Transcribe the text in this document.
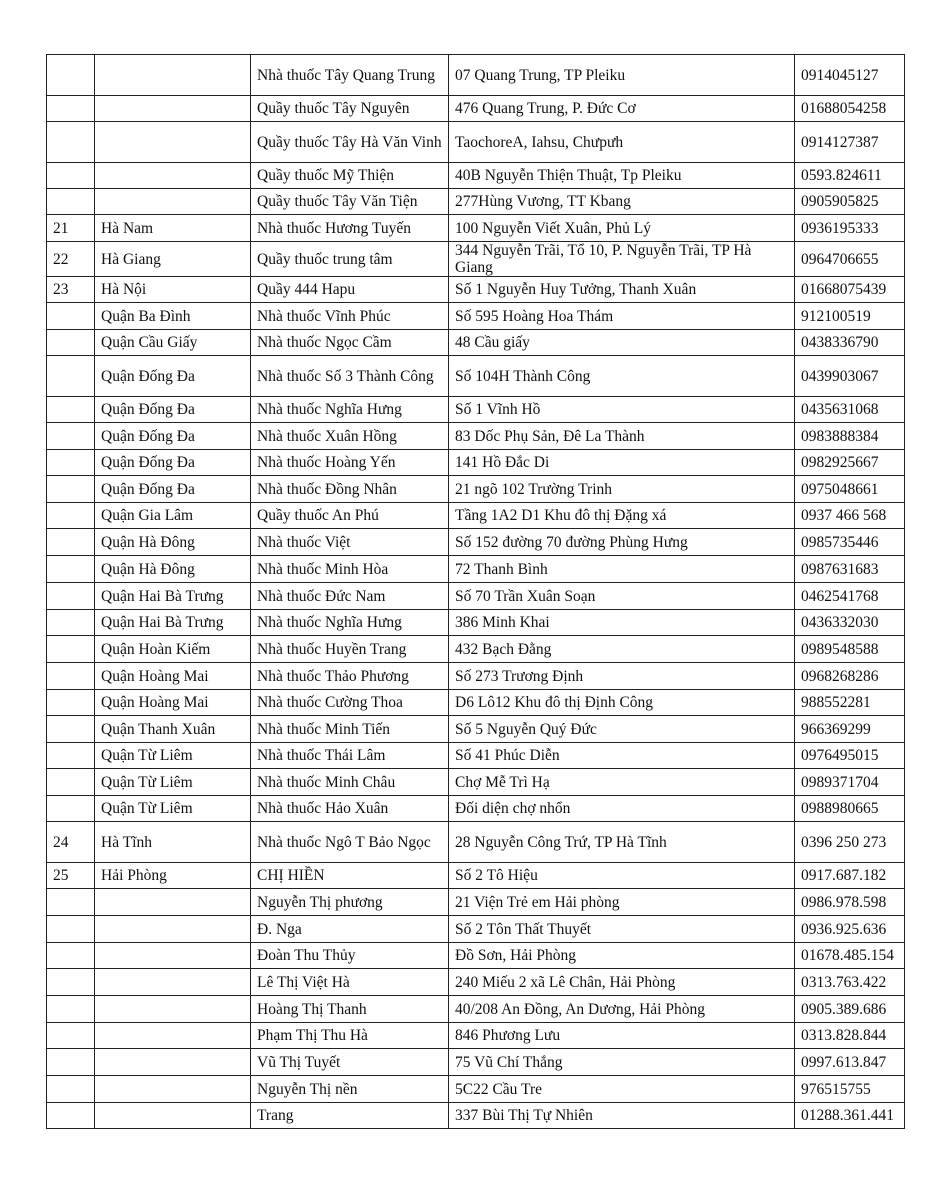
		Nhà thuốc Tây Quang Trung	07 Quang Trung, TP Pleiku	0914045127
		Quầy thuốc Tây Nguyên	476 Quang Trung, P. Đức Cơ	01688054258
		Quầy thuốc Tây Hà Văn Vinh	TaochoreA, Iahsu, Chưpưh	0914127387
		Quầy thuốc Mỹ Thiện	40B Nguyễn Thiện Thuật, Tp Pleiku	0593.824611
		Quầy thuốc Tây Văn Tiện	277Hùng Vương, TT Kbang	0905905825
21	Hà Nam	Nhà thuốc Hương Tuyến	100 Nguyễn Viết Xuân, Phủ Lý	0936195333
22	Hà Giang	Quầy thuốc trung tâm	344 Nguyễn Trãi, Tổ 10, P. Nguyễn Trãi, TP Hà Giang	0964706655
23	Hà Nội	Quầy 444 Hapu	Số 1 Nguyễn Huy Tưởng, Thanh Xuân	01668075439
	Quận Ba Đình	Nhà thuốc Vĩnh Phúc	Số 595 Hoàng Hoa Thám	912100519
	Quận Cầu Giấy	Nhà thuốc Ngọc Cầm	48 Cầu giấy	0438336790
	Quận Đống Đa	Nhà thuốc Số 3 Thành Công	Số 104H Thành Công	0439903067
	Quận Đống Đa	Nhà thuốc Nghĩa Hưng	Số 1 Vĩnh Hồ	0435631068
	Quận Đống Đa	Nhà thuốc Xuân Hồng	83 Dốc Phụ Sản, Đê La Thành	0983888384
	Quận Đống Đa	Nhà thuốc Hoàng Yến	141 Hồ Đắc Di	0982925667
	Quận Đống Đa	Nhà thuốc Đồng Nhân	21 ngõ 102 Trường Trinh	0975048661
	Quận Gia Lâm	Quầy thuốc An Phú	Tầng 1A2 D1 Khu đô thị Đặng xá	0937 466 568
	Quận Hà Đông	Nhà thuốc Việt	Số 152 đường 70 đường Phùng Hưng	0985735446
	Quận Hà Đông	Nhà thuốc Minh Hòa	72 Thanh Bình	0987631683
	Quận Hai Bà Trưng	Nhà thuốc Đức Nam	Số 70 Trần Xuân Soạn	0462541768
	Quận Hai Bà Trưng	Nhà thuốc Nghĩa Hưng	386 Minh Khai	0436332030
	Quận Hoàn Kiếm	Nhà thuốc Huyền Trang	432 Bạch Đằng	0989548588
	Quận Hoàng Mai	Nhà thuốc Thảo Phương	Số 273 Trương Định	0968268286
	Quận Hoàng Mai	Nhà thuốc Cường Thoa	D6 Lô12 Khu đô thị Định Công	988552281
	Quận Thanh Xuân	Nhà thuốc Minh Tiến	Số 5 Nguyễn Quý Đức	966369299
	Quận Từ Liêm	Nhà thuốc Thái Lâm	Số 41 Phúc Diễn	0976495015
	Quận Từ Liêm	Nhà thuốc Minh Châu	Chợ Mễ Trì Hạ	0989371704
	Quận Từ Liêm	Nhà thuốc Hảo Xuân	Đối diện chợ nhổn	0988980665
24	Hà Tĩnh	Nhà thuốc Ngô T Bảo Ngọc	28 Nguyễn Công Trứ, TP Hà Tĩnh	0396 250 273
25	Hải Phòng	CHỊ HIỀN	Số 2 Tô Hiệu	0917.687.182
		Nguyễn Thị phương	21 Viện Trẻ em Hải phòng	0986.978.598
		Đ. Nga	Số 2 Tôn Thất Thuyết	0936.925.636
		Đoàn Thu Thủy	Đồ Sơn, Hải Phòng	01678.485.154
		Lê Thị Việt Hà	240 Miếu 2 xã Lê Chân, Hải Phòng	0313.763.422
		Hoàng Thị Thanh	40/208 An Đồng, An Dương, Hải Phòng	0905.389.686
		Phạm Thị Thu Hà	846 Phương Lưu	0313.828.844
		Vũ Thị Tuyết	75 Vũ Chí Thắng	0997.613.847
		Nguyễn Thị nền	5C22 Cầu Tre	976515755
		Trang	337 Bùi Thị Tự Nhiên	01288.361.441
